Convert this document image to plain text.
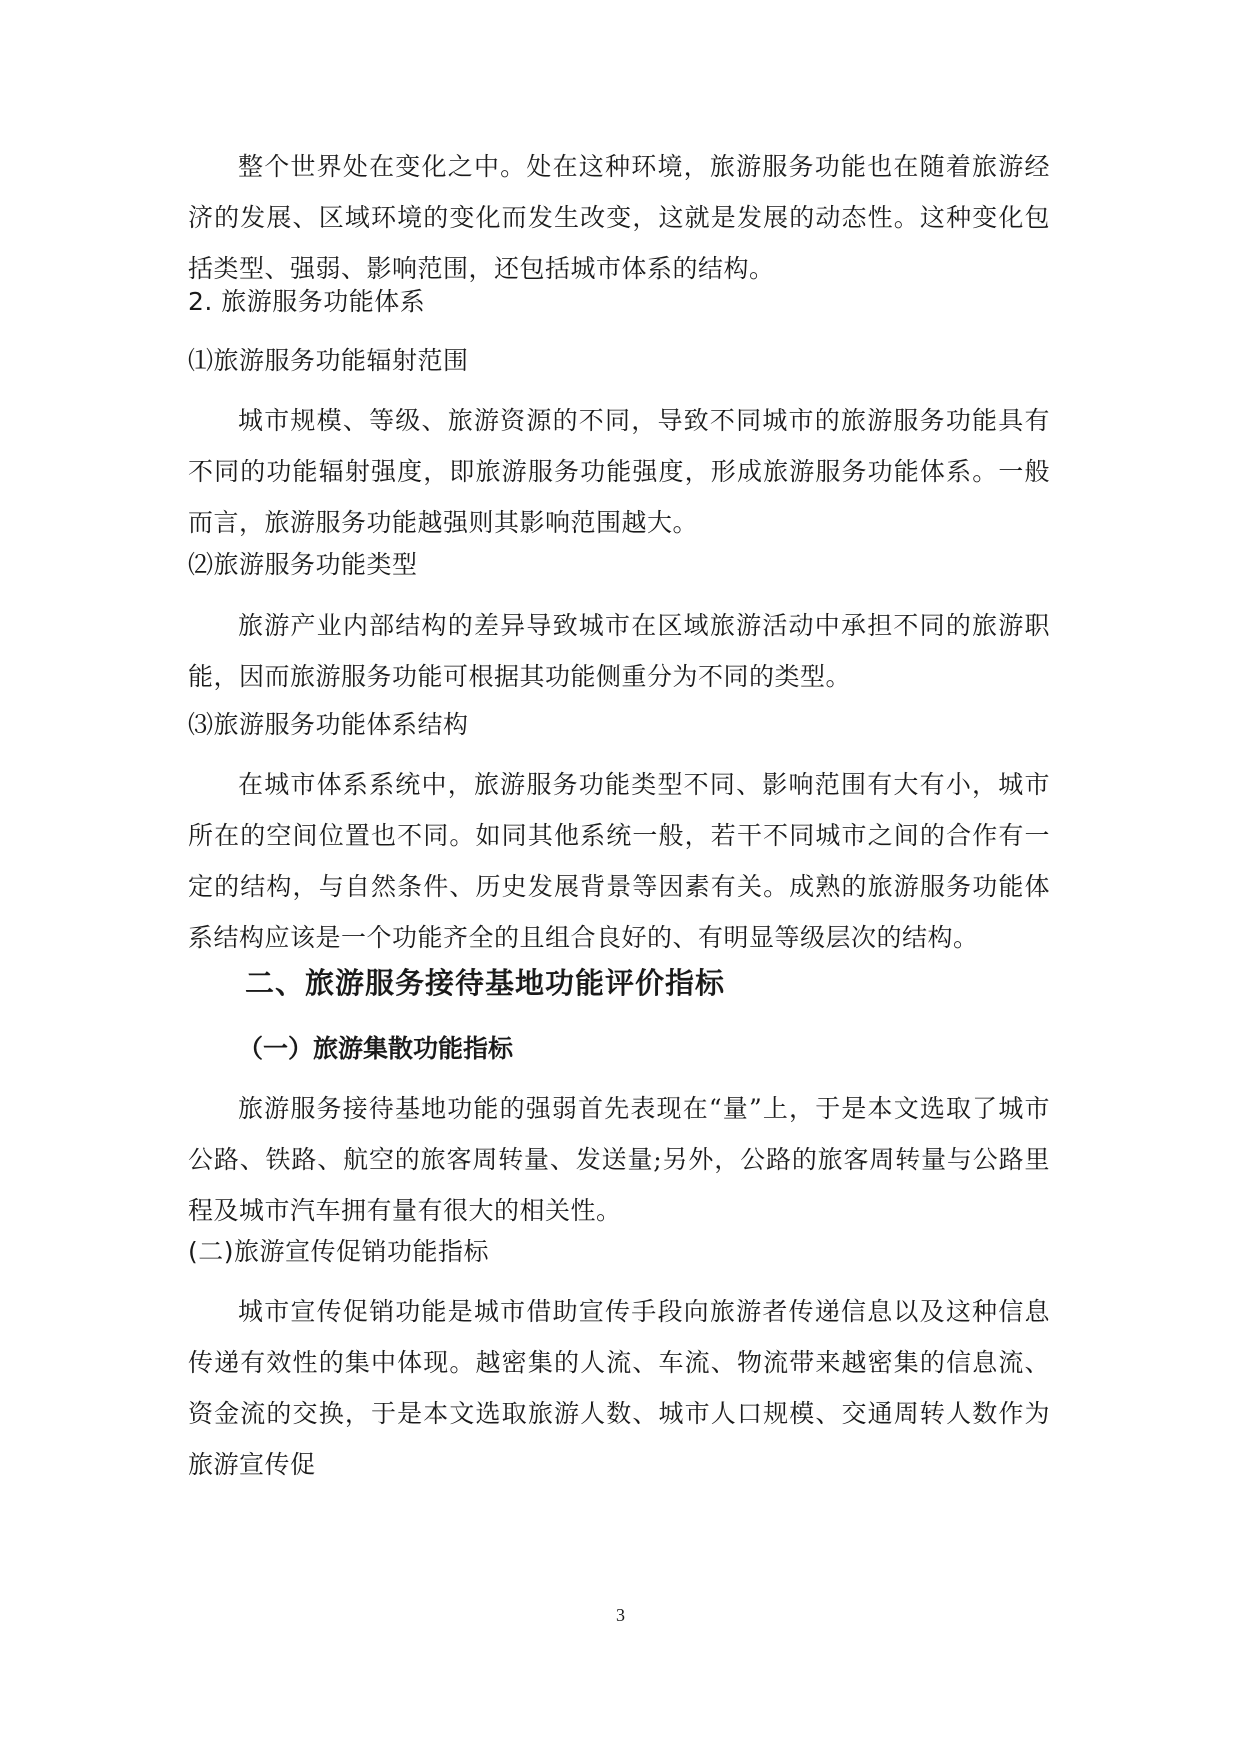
整个世界处在变化之中。处在这种环境，旅游服务功能也在随着旅游经济的发展、区域环境的变化而发生改变，这就是发展的动态性。这种变化包括类型、强弱、影响范围，还包括城市体系的结构。

2. 旅游服务功能体系

⑴旅游服务功能辐射范围

城市规模、等级、旅游资源的不同，导致不同城市的旅游服务功能具有不同的功能辐射强度，即旅游服务功能强度，形成旅游服务功能体系。一般而言，旅游服务功能越强则其影响范围越大。

⑵旅游服务功能类型

旅游产业内部结构的差异导致城市在区域旅游活动中承担不同的旅游职能，因而旅游服务功能可根据其功能侧重分为不同的类型。

⑶旅游服务功能体系结构

在城市体系系统中，旅游服务功能类型不同、影响范围有大有小，城市所在的空间位置也不同。如同其他系统一般，若干不同城市之间的合作有一定的结构，与自然条件、历史发展背景等因素有关。成熟的旅游服务功能体系结构应该是一个功能齐全的且组合良好的、有明显等级层次的结构。

二、旅游服务接待基地功能评价指标
（一）旅游集散功能指标

旅游服务接待基地功能的强弱首先表现在“量”上，于是本文选取了城市公路、铁路、航空的旅客周转量、发送量;另外，公路的旅客周转量与公路里程及城市汽车拥有量有很大的相关性。

(二)旅游宣传促销功能指标

城市宣传促销功能是城市借助宣传手段向旅游者传递信息以及这种信息传递有效性的集中体现。越密集的人流、车流、物流带来越密集的信息流、资金流的交换，于是本文选取旅游人数、城市人口规模、交通周转人数作为旅游宣传促

3
